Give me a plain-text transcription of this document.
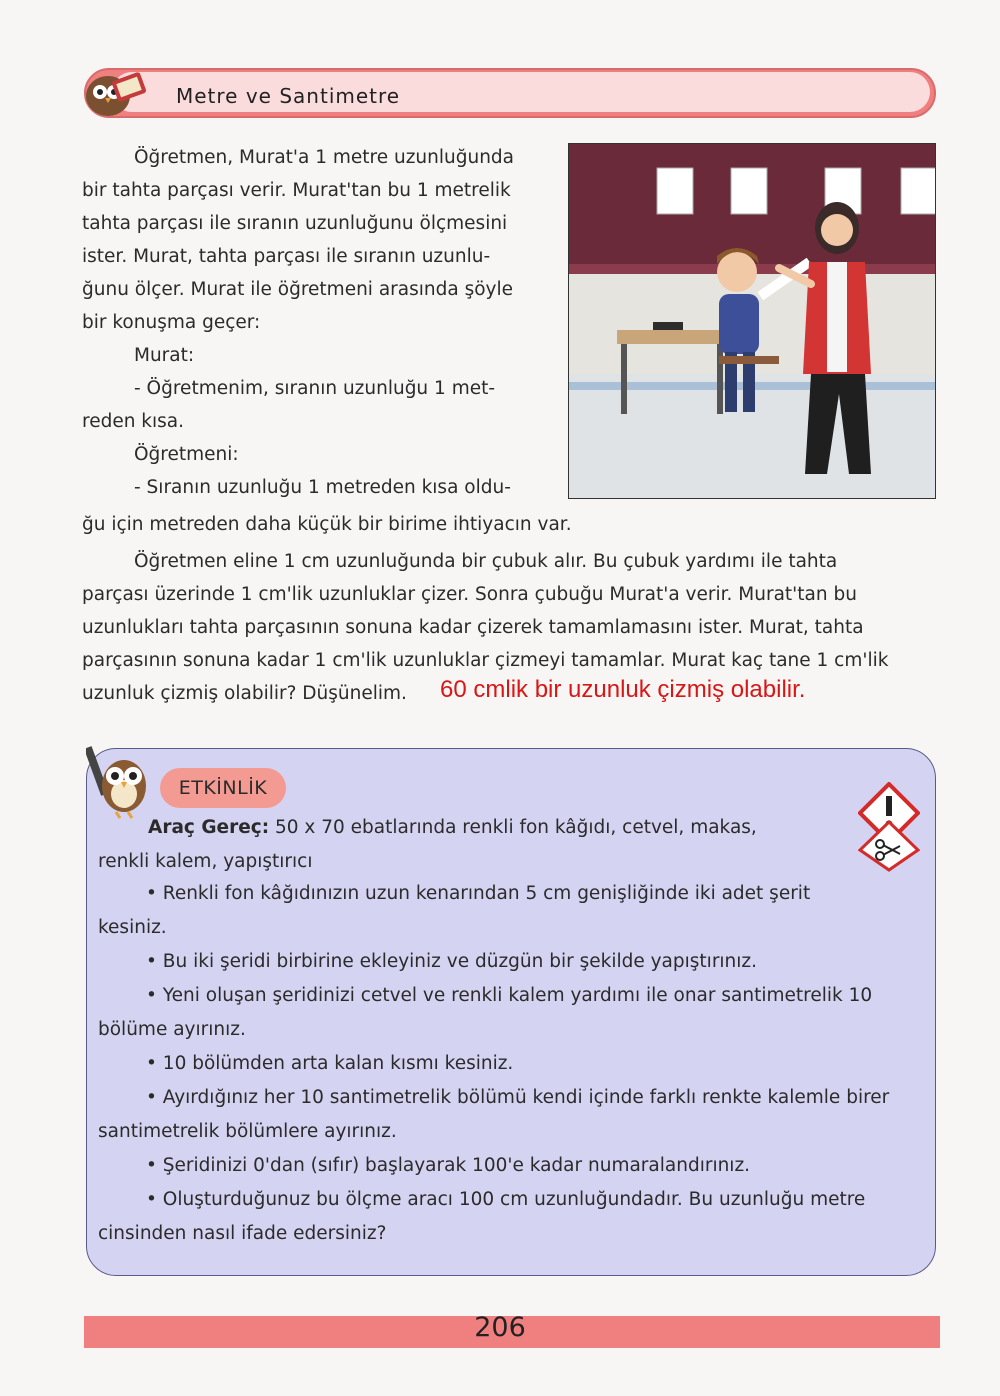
Metre ve Santimetre

Öğretmen, Murat'a 1 metre uzunluğunda

bir tahta parçası verir. Murat'tan bu 1 metrelik

tahta parçası ile sıranın uzunluğunu ölçmesini

ister. Murat, tahta parçası ile sıranın uzunlu-

ğunu ölçer. Murat ile öğretmeni arasında şöyle

bir konuşma geçer:

Murat:

- Öğretmenim, sıranın uzunluğu 1 met-

reden kısa.

Öğretmeni:

- Sıranın uzunluğu 1 metreden kısa oldu-

ğu için metreden daha küçük bir birime ihtiyacın var.

Öğretmen eline 1 cm uzunluğunda bir çubuk alır. Bu çubuk yardımı ile tahta

parçası üzerinde 1 cm'lik uzunluklar çizer. Sonra çubuğu Murat'a verir. Murat'tan bu

uzunlukları tahta parçasının sonuna kadar çizerek tamamlamasını ister. Murat, tahta

parçasının sonuna kadar 1 cm'lik uzunluklar çizmeyi tamamlar. Murat kaç tane 1 cm'lik

uzunluk çizmiş olabilir? Düşünelim.	60 cmlik bir uzunluk çizmiş olabilir.
ETKİNLİK

Araç Gereç: 50 x 70 ebatlarında renkli fon kâğıdı, cetvel, makas,

renkli kalem, yapıştırıcı

• Renkli fon kâğıdınızın uzun kenarından 5 cm genişliğinde iki adet şerit

kesiniz.

• Bu iki şeridi birbirine ekleyiniz ve düzgün bir şekilde yapıştırınız.

• Yeni oluşan şeridinizi cetvel ve renkli kalem yardımı ile onar santimetrelik 10

bölüme ayırınız.

• 10 bölümden arta kalan kısmı kesiniz.

• Ayırdığınız her 10 santimetrelik bölümü kendi içinde farklı renkte kalemle birer

santimetrelik bölümlere ayırınız.

• Şeridinizi 0'dan (sıfır) başlayarak 100'e kadar numaralandırınız.

• Oluşturduğunuz bu ölçme aracı 100 cm uzunluğundadır. Bu uzunluğu metre

cinsinden nasıl ifade edersiniz?

206
